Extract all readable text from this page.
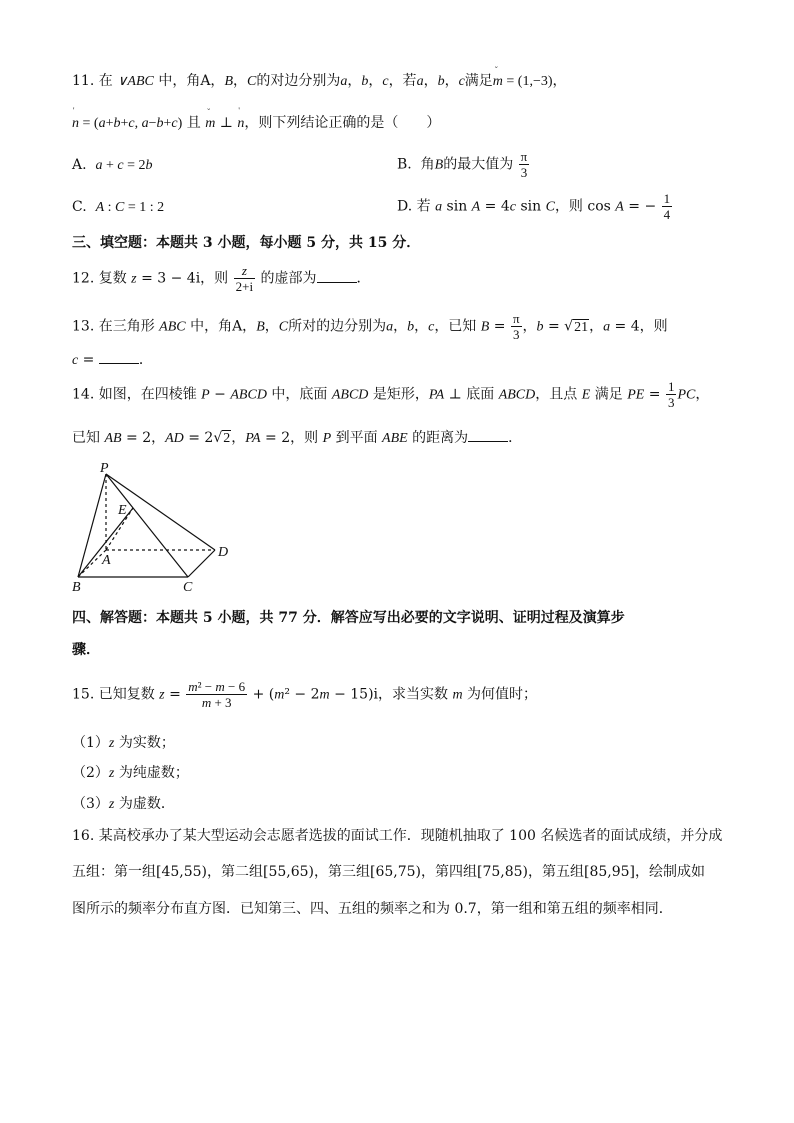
11. 在 ∨ABC 中，角A，B，C的对边分别为a，b，c，若a，b，c满足˘ m = (1,−3)，
' n = (a+b+c, a−b+c) 且 ˘ m ⊥ ' n，则下列结论正确的是（　　）
A.  a + c = 2b	B.  角B的最大值为 $\frac{\pi}{3}$
C.  A : C = 1 : 2	D. 若 a sin A = 4c sin C，则 cos A = − $\frac{1}{4}$
三、填空题：本题共 3 小题，每小题 5 分，共 15 分．
12. 复数 z = 3 − 4i，则 $\frac{z}{2+i}$ 的虚部为	．
13. 在三角形 ABC 中，角A，B，C所对的边分别为a，b，c，已知 $B = \frac{\pi}{3}$ ，b = √21，a = 4，则
c =	．
14. 如图，在四棱锥 P − ABCD 中，底面 ABCD 是矩形，PA ⊥ 底面 ABCD，且点 E 满足 PE = $\frac{1}{3}$ PC，
已知 AB = 2，AD = 2√2，PA = 2，则 P 到平面 ABE 的距离为	．
P
E
A
B	C
D
四、解答题：本题共 5 小题，共 77 分．解答应写出必要的文字说明、证明过程及演算步
骤．
15. 已知复数 $z = \frac{\text{m² − m − 6}}{m + 3} + (m^2 - 2m - 15)i$，求当实数 m 为何值时；
（1）z 为实数；
（2）z 为纯虚数；
（3）z 为虚数．
16. 某高校承办了某大型运动会志愿者选拔的面试工作．现随机抽取了 100 名候选者的面试成绩，并分成
五组：第一组[45,55)，第二组[55,65)，第三组[65,75)，第四组[75,85)，第五组[85,95]，绘制成如
图所示的频率分布直方图．已知第三、四、五组的频率之和为 0.7，第一组和第五组的频率相同．
